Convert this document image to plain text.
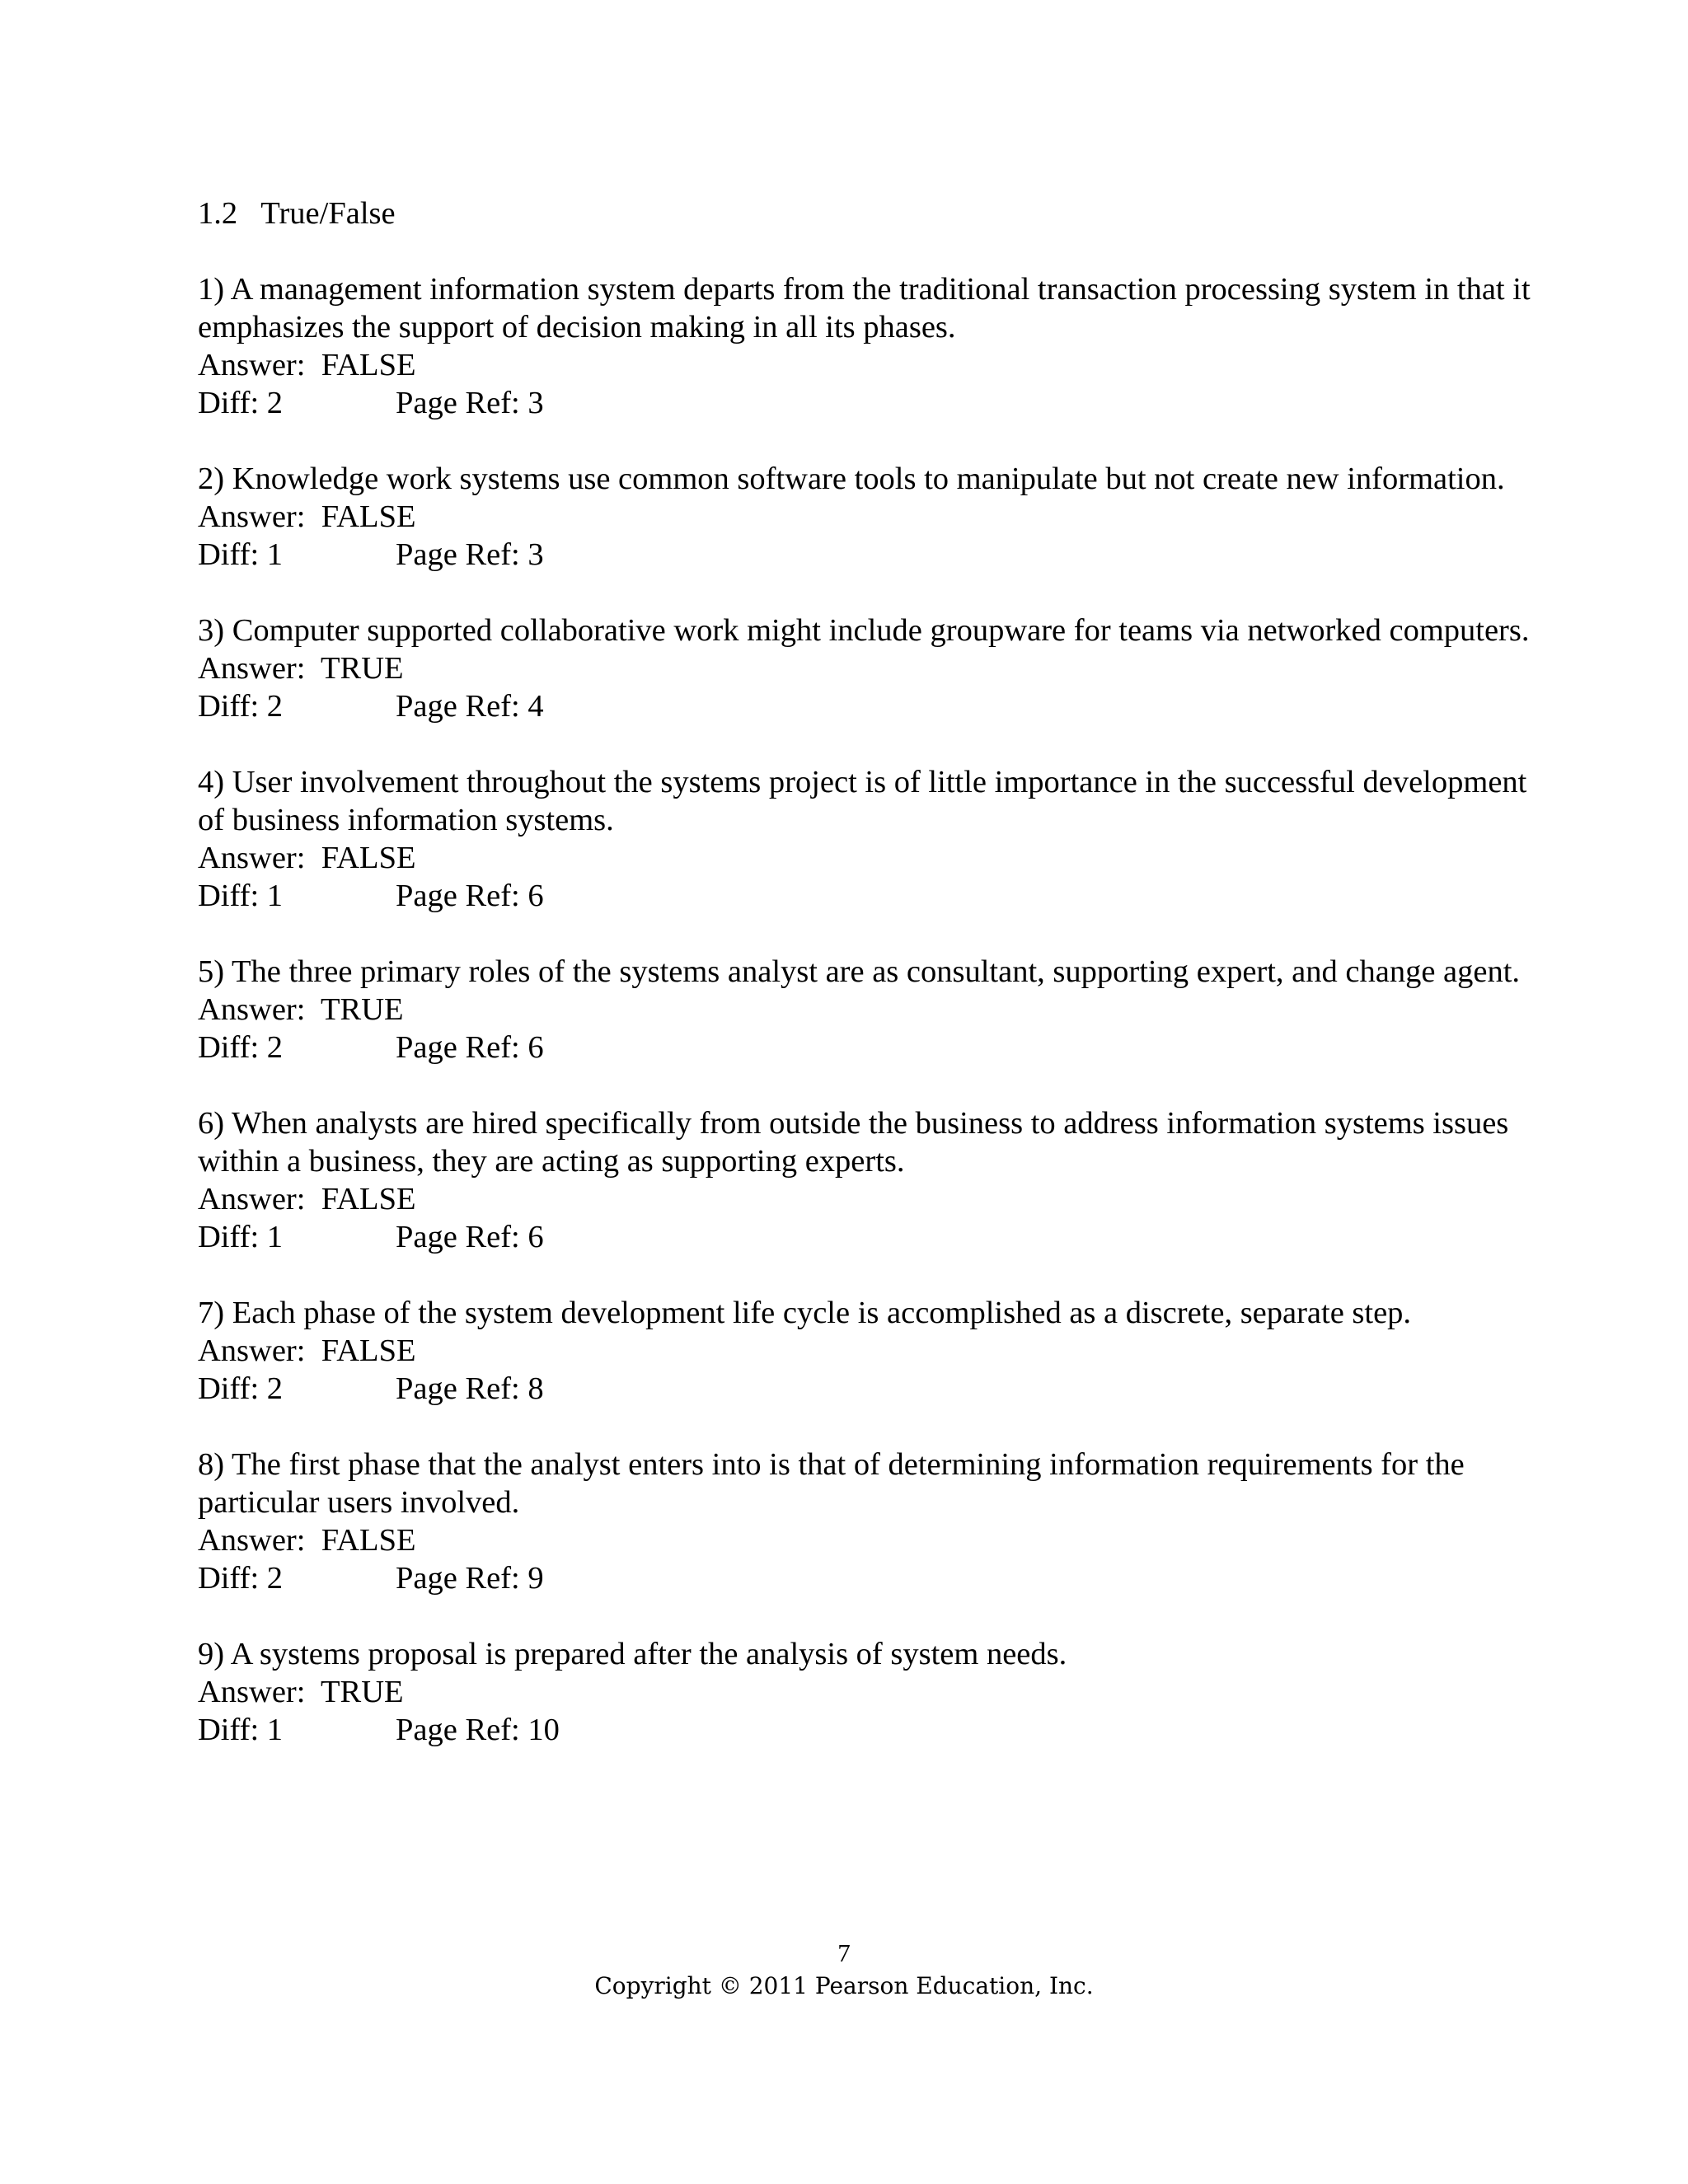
1.2   True/False

1) A management information system departs from the traditional transaction processing system in that it emphasizes the support of decision making in all its phases.

Answer:  FALSE

Diff: 2	Page Ref: 3

2) Knowledge work systems use common software tools to manipulate but not create new information.

Answer:  FALSE

Diff: 1	Page Ref: 3

3) Computer supported collaborative work might include groupware for teams via networked computers.

Answer:  TRUE

Diff: 2	Page Ref: 4

4) User involvement throughout the systems project is of little importance in the successful development of business information systems.

Answer:  FALSE

Diff: 1	Page Ref: 6

5) The three primary roles of the systems analyst are as consultant, supporting expert, and change agent.

Answer:  TRUE

Diff: 2	Page Ref: 6

6) When analysts are hired specifically from outside the business to address information systems issues within a business, they are acting as supporting experts.

Answer:  FALSE

Diff: 1	Page Ref: 6

7) Each phase of the system development life cycle is accomplished as a discrete, separate step.

Answer:  FALSE

Diff: 2	Page Ref: 8

8) The first phase that the analyst enters into is that of determining information requirements for the particular users involved.

Answer:  FALSE

Diff: 2	Page Ref: 9

9) A systems proposal is prepared after the analysis of system needs.

Answer:  TRUE

Diff: 1	Page Ref: 10

7
Copyright © 2011 Pearson Education, Inc.
